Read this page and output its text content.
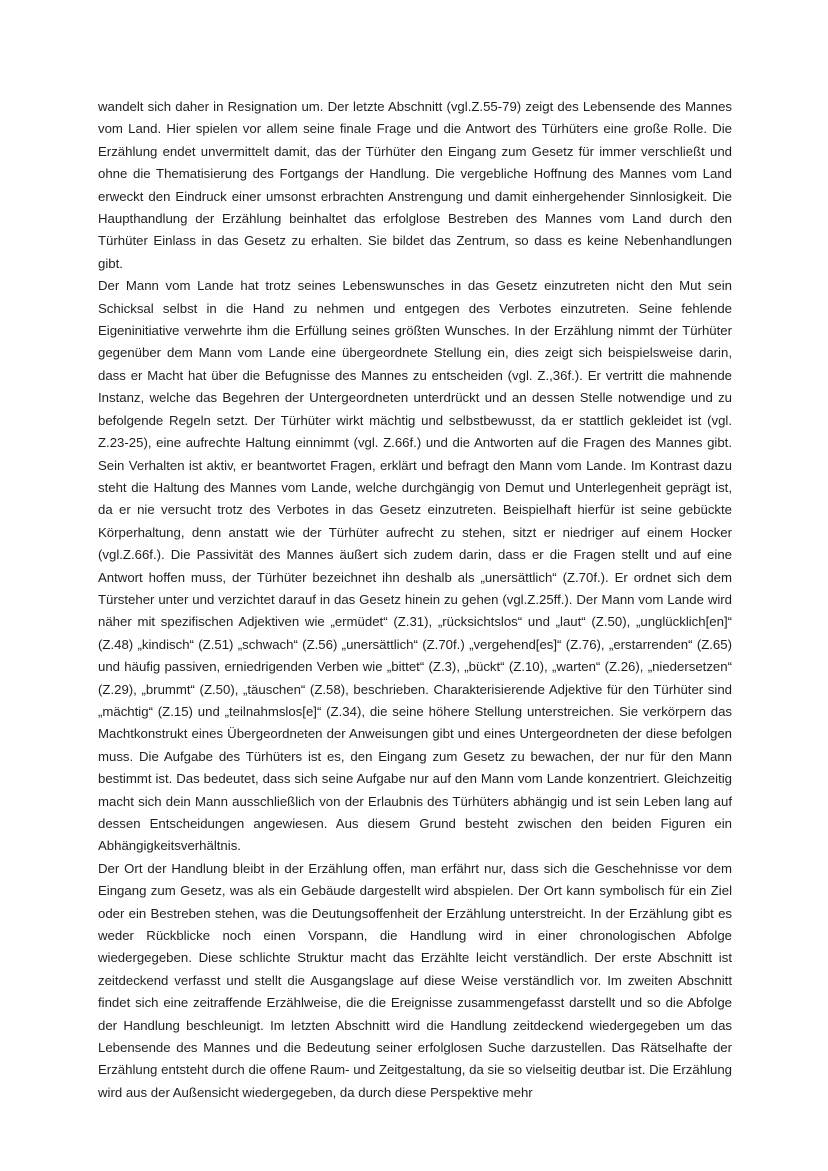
wandelt sich daher in Resignation um. Der letzte Abschnitt (vgl.Z.55-79) zeigt des Lebensende des Mannes vom Land. Hier spielen vor allem seine finale Frage und die Antwort des Türhüters eine große Rolle. Die Erzählung endet unvermittelt damit, das der Türhüter den Eingang zum Gesetz für immer verschließt und ohne die Thematisierung des Fortgangs der Handlung. Die vergebliche Hoffnung des Mannes vom Land erweckt den Eindruck einer umsonst erbrachten Anstrengung und damit einhergehender Sinnlosigkeit. Die Haupthandlung der Erzählung beinhaltet das erfolglose Bestreben des Mannes vom Land durch den Türhüter Einlass in das Gesetz zu erhalten. Sie bildet das Zentrum, so dass es keine Nebenhandlungen gibt.

Der Mann vom Lande hat trotz seines Lebenswunsches in das Gesetz einzutreten nicht den Mut sein Schicksal selbst in die Hand zu nehmen und entgegen des Verbotes einzutreten. Seine fehlende Eigeninitiative verwehrte ihm die Erfüllung seines größten Wunsches. In der Erzählung nimmt der Türhüter gegenüber dem Mann vom Lande eine übergeordnete Stellung ein, dies zeigt sich beispielsweise darin, dass er Macht hat über die Befugnisse des Mannes zu entscheiden (vgl. Z.,36f.). Er vertritt die mahnende Instanz, welche das Begehren der Untergeordneten unterdrückt und an dessen Stelle notwendige und zu befolgende Regeln setzt. Der Türhüter wirkt mächtig und selbstbewusst, da er stattlich gekleidet ist (vgl. Z.23-25), eine aufrechte Haltung einnimmt (vgl. Z.66f.) und die Antworten auf die Fragen des Mannes gibt. Sein Verhalten ist aktiv, er beantwortet Fragen, erklärt und befragt den Mann vom Lande. Im Kontrast dazu steht die Haltung des Mannes vom Lande, welche durchgängig von Demut und Unterlegenheit geprägt ist, da er nie versucht trotz des Verbotes in das Gesetz einzutreten. Beispielhaft hierfür ist seine gebückte Körperhaltung, denn anstatt wie der Türhüter aufrecht zu stehen, sitzt er niedriger auf einem Hocker (vgl.Z.66f.). Die Passivität des Mannes äußert sich zudem darin, dass er die Fragen stellt und auf eine Antwort hoffen muss, der Türhüter bezeichnet ihn deshalb als „unersättlich“ (Z.70f.). Er ordnet sich dem Türsteher unter und verzichtet darauf in das Gesetz hinein zu gehen (vgl.Z.25ff.). Der Mann vom Lande wird näher mit spezifischen Adjektiven wie „ermüdet“ (Z.31), „rücksichtslos“ und „laut“ (Z.50), „unglücklich[en]“ (Z.48) „kindisch“ (Z.51) „schwach“ (Z.56) „unersättlich“ (Z.70f.) „vergehend[es]“ (Z.76), „erstarrenden“ (Z.65) und häufig passiven, erniedrigenden Verben wie „bittet“ (Z.3), „bückt“ (Z.10), „warten“ (Z.26), „niedersetzen“ (Z.29), „brummt“ (Z.50), „täuschen“ (Z.58), beschrieben. Charakterisierende Adjektive für den Türhüter sind „mächtig“ (Z.15) und „teilnahmslos[e]“ (Z.34), die seine höhere Stellung unterstreichen. Sie verkörpern das Machtkonstrukt eines Übergeordneten der Anweisungen gibt und eines Untergeordneten der diese befolgen muss. Die Aufgabe des Türhüters ist es, den Eingang zum Gesetz zu bewachen, der nur für den Mann bestimmt ist. Das bedeutet, dass sich seine Aufgabe nur auf den Mann vom Lande konzentriert. Gleichzeitig macht sich dein Mann ausschließlich von der Erlaubnis des Türhüters abhängig und ist sein Leben lang auf dessen Entscheidungen angewiesen. Aus diesem Grund besteht zwischen den beiden Figuren ein Abhängigkeitsverhältnis.

Der Ort der Handlung bleibt in der Erzählung offen, man erfährt nur, dass sich die Geschehnisse vor dem Eingang zum Gesetz, was als ein Gebäude dargestellt wird abspielen. Der Ort kann symbolisch für ein Ziel oder ein Bestreben stehen, was die Deutungsoffenheit der Erzählung unterstreicht. In der Erzählung gibt es weder Rückblicke noch einen Vorspann, die Handlung wird in einer chronologischen Abfolge wiedergegeben. Diese schlichte Struktur macht das Erzählte leicht verständlich. Der erste Abschnitt ist zeitdeckend verfasst und stellt die Ausgangslage auf diese Weise verständlich vor. Im zweiten Abschnitt findet sich eine zeitraffende Erzählweise, die die Ereignisse zusammengefasst darstellt und so die Abfolge der Handlung beschleunigt. Im letzten Abschnitt wird die Handlung zeitdeckend wiedergegeben um das Lebensende des Mannes und die Bedeutung seiner erfolglosen Suche darzustellen. Das Rätselhafte der Erzählung entsteht durch die offene Raum- und Zeitgestaltung, da sie so vielseitig deutbar ist. Die Erzählung wird aus der Außensicht wiedergegeben, da durch diese Perspektive mehr
